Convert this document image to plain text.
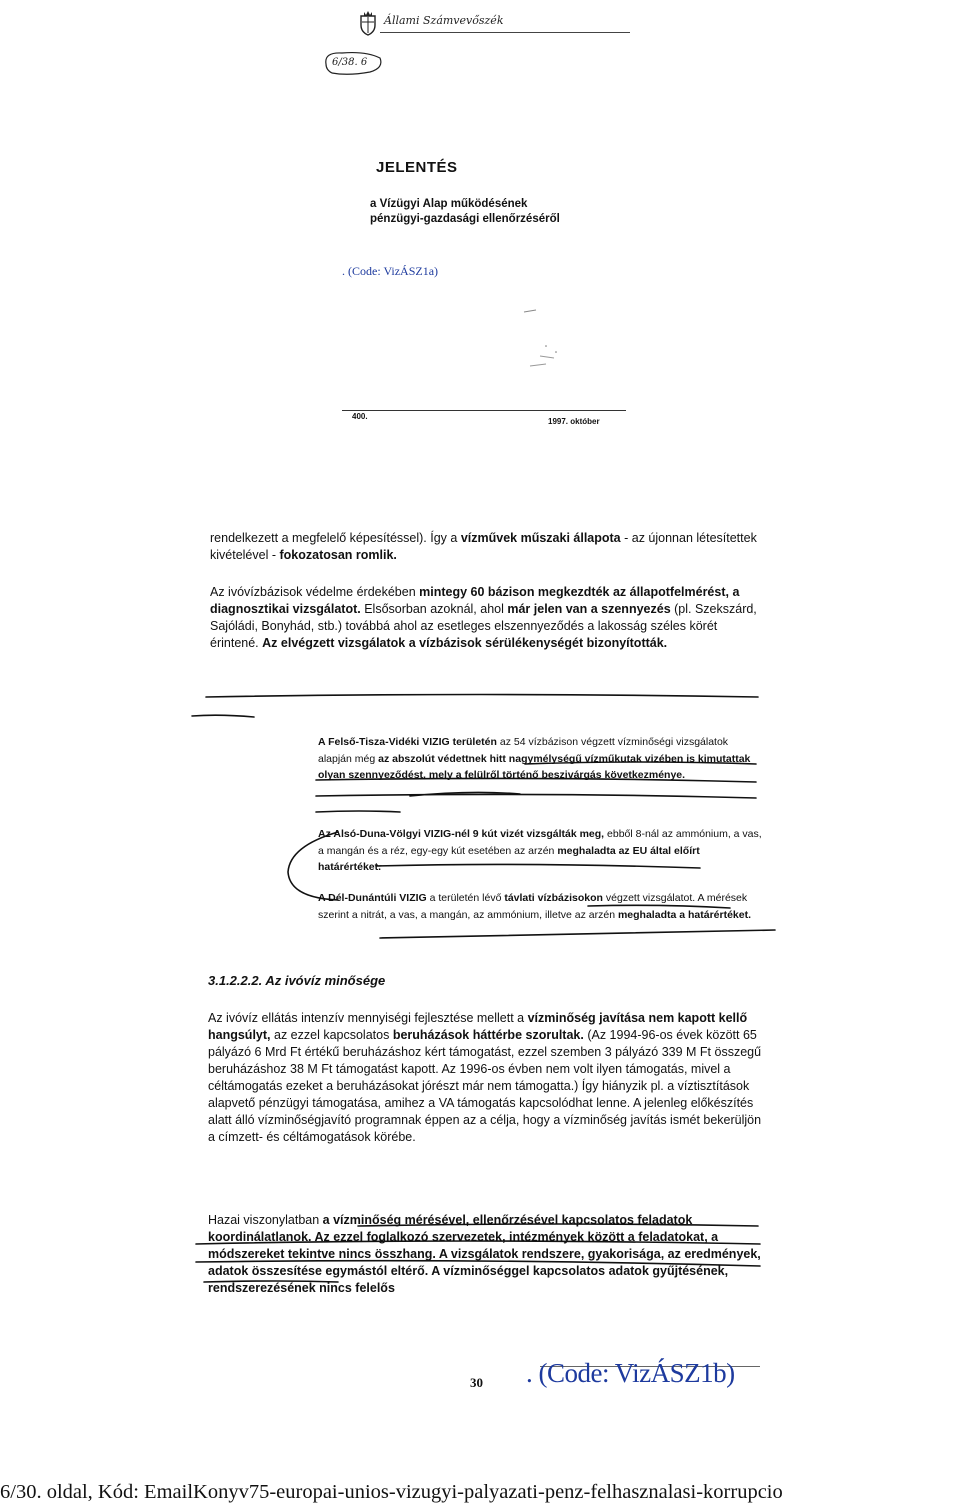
Állami Számvevőszék
6/38. 6
JELENTÉS
a Vízügyi Alap működésének
pénzügyi-gazdasági ellenőrzéséről
. (Code: VizÁSZ1a)
400.
1997. október

rendelkezett a megfelelő képesítéssel). Így a vízművek műszaki állapota - az újonnan létesítettek kivételével - fokozatosan romlik.

Az ivóvízbázisok védelme érdekében mintegy 60 bázison megkezdték az állapotfelmérést, a diagnosztikai vizsgálatot. Elsősorban azoknál, ahol már jelen van a szennyezés (pl. Szekszárd, Sajóládi, Bonyhád, stb.) továbbá ahol az esetleges elszennyeződés a lakosság széles körét érintené. Az elvégzett vizsgálatok a vízbázisok sérülékenységét bizonyították.

A Felső-Tisza-Vidéki VIZIG területén az 54 vízbázison végzett vízminőségi vizsgálatok alapján még az abszolút védettnek hitt nagymélységű vízműkutak vizében is kimutattak olyan szennyeződést, mely a felülről történő beszivárgás következménye.

Az Alsó-Duna-Völgyi VIZIG-nél 9 kút vizét vizsgálták meg, ebből 8-nál az ammónium, a vas, a mangán és a réz, egy-egy kút esetében az arzén meghaladta az EU által előírt határértéket.

A Dél-Dunántúli VIZIG a területén lévő távlati vízbázisokon végzett vizsgálatot. A mérések szerint a nitrát, a vas, a mangán, az ammónium, illetve az arzén meghaladta a határértéket.

3.1.2.2.2. Az ivóvíz minősége

Az ivóvíz ellátás intenzív mennyiségi fejlesztése mellett a vízminőség javítása nem kapott kellő hangsúlyt, az ezzel kapcsolatos beruházások háttérbe szorultak. (Az 1994-96-os évek között 65 pályázó 6 Mrd Ft értékű beruházáshoz kért támogatást, ezzel szemben 3 pályázó 339 M Ft összegű beruházáshoz 38 M Ft támogatást kapott. Az 1996-os évben nem volt ilyen támogatás, mivel a céltámogatás ezeket a beruházásokat jórészt már nem támogatta.) Így hiányzik pl. a víztisztítások alapvető pénzügyi támogatása, amihez a VA támogatás kapcsolódhat lenne. A jelenleg előkészítés alatt álló vízminőségjavító programnak éppen az a célja, hogy a vízminőség javítás ismét bekerüljön a címzett- és céltámogatások körébe.

Hazai viszonylatban a vízminőség mérésével, ellenőrzésével kapcsolatos feladatok koordinálatlanok. Az ezzel foglalkozó szervezetek, intézmények között a feladatokat, a módszereket tekintve nincs összhang. A vizsgálatok rendszere, gyakorisága, az eredmények, adatok összesítése egymástól eltérő. A vízminőséggel kapcsolatos adatok gyűjtésének, rendszerezésének nincs felelős

30 . (Code: VizÁSZ1b)
6/30. oldal, Kód: EmailKonyv75-europai-unios-vizugyi-palyazati-penz-felhasznalasi-korrupcio
